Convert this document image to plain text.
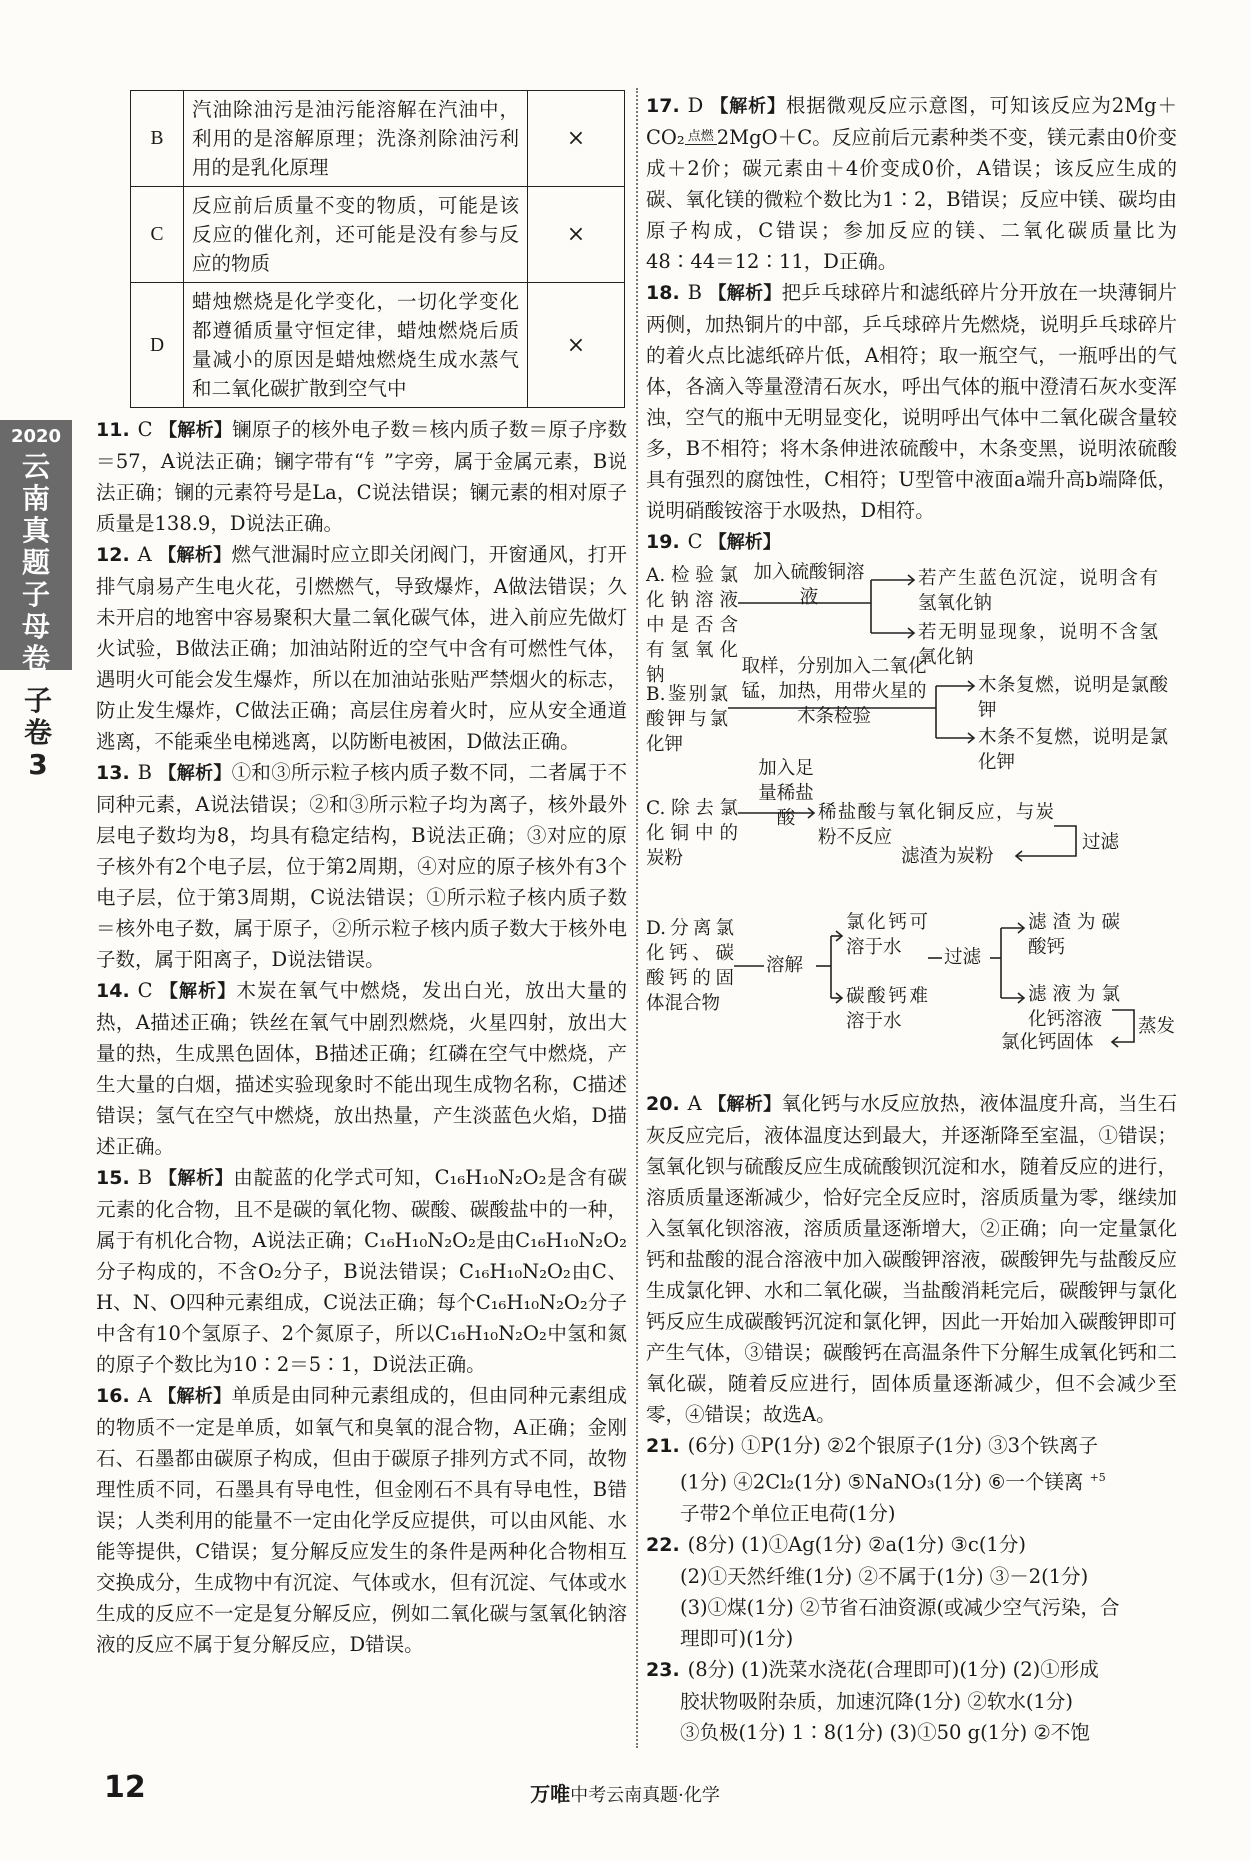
2020
云南真题子母卷
子卷3
B	汽油除油污是油污能溶解在汽油中，利用的是溶解原理；洗涤剂除油污利用的是乳化原理	×
C	反应前后质量不变的物质，可能是该反应的催化剂，还可能是没有参与反应的物质	×
D	蜡烛燃烧是化学变化，一切化学变化都遵循质量守恒定律，蜡烛燃烧后质量减小的原因是蜡烛燃烧生成水蒸气和二氧化碳扩散到空气中	×

11. C 【解析】镧原子的核外电子数＝核内质子数＝原子序数＝57，A说法正确；镧字带有“钅”字旁，属于金属元素，B说法正确；镧的元素符号是La，C说法错误；镧元素的相对原子质量是138.9，D说法正确。

12. A 【解析】燃气泄漏时应立即关闭阀门，开窗通风，打开排气扇易产生电火花，引燃燃气，导致爆炸，A做法错误；久未开启的地窖中容易聚积大量二氧化碳气体，进入前应先做灯火试验，B做法正确；加油站附近的空气中含有可燃性气体，遇明火可能会发生爆炸，所以在加油站张贴严禁烟火的标志，防止发生爆炸，C做法正确；高层住房着火时，应从安全通道逃离，不能乘坐电梯逃离，以防断电被困，D做法正确。

13. B 【解析】①和③所示粒子核内质子数不同，二者属于不同种元素，A说法错误；②和③所示粒子均为离子，核外最外层电子数均为8，均具有稳定结构，B说法正确；③对应的原子核外有2个电子层，位于第2周期，④对应的原子核外有3个电子层，位于第3周期，C说法错误；①所示粒子核内质子数＝核外电子数，属于原子，②所示粒子核内质子数大于核外电子数，属于阳离子，D说法错误。

14. C 【解析】木炭在氧气中燃烧，发出白光，放出大量的热，A描述正确；铁丝在氧气中剧烈燃烧，火星四射，放出大量的热，生成黑色固体，B描述正确；红磷在空气中燃烧，产生大量的白烟，描述实验现象时不能出现生成物名称，C描述错误；氢气在空气中燃烧，放出热量，产生淡蓝色火焰，D描述正确。

15. B 【解析】由靛蓝的化学式可知，C₁₆H₁₀N₂O₂是含有碳元素的化合物，且不是碳的氧化物、碳酸、碳酸盐中的一种，属于有机化合物，A说法正确；C₁₆H₁₀N₂O₂是由C₁₆H₁₀N₂O₂分子构成的，不含O₂分子，B说法错误；C₁₆H₁₀N₂O₂由C、H、N、O四种元素组成，C说法正确；每个C₁₆H₁₀N₂O₂分子中含有10个氢原子、2个氮原子，所以C₁₆H₁₀N₂O₂中氢和氮的原子个数比为10∶2＝5∶1，D说法正确。

16. A 【解析】单质是由同种元素组成的，但由同种元素组成的物质不一定是单质，如氧气和臭氧的混合物，A正确；金刚石、石墨都由碳原子构成，但由于碳原子排列方式不同，故物理性质不同，石墨具有导电性，但金刚石不具有导电性，B错误；人类利用的能量不一定由化学反应提供，可以由风能、水能等提供，C错误；复分解反应发生的条件是两种化合物相互交换成分，生成物中有沉淀、气体或水，但有沉淀、气体或水生成的反应不一定是复分解反应，例如二氧化碳与氢氧化钠溶液的反应不属于复分解反应，D错误。

17. D 【解析】根据微观反应示意图，可知该反应为2Mg＋CO₂ 点燃 2MgO＋C。反应前后元素种类不变，镁元素由0价变成＋2价；碳元素由＋4价变成0价，A错误；该反应生成的碳、氧化镁的微粒个数比为1∶2，B错误；反应中镁、碳均由原子构成，C错误；参加反应的镁、二氧化碳质量比为48∶44＝12∶11，D正确。

18. B 【解析】把乒乓球碎片和滤纸碎片分开放在一块薄铜片两侧，加热铜片的中部，乒乓球碎片先燃烧，说明乒乓球碎片的着火点比滤纸碎片低，A相符；取一瓶空气，一瓶呼出的气体，各滴入等量澄清石灰水，呼出气体的瓶中澄清石灰水变浑浊，空气的瓶中无明显变化，说明呼出气体中二氧化碳含量较多，B不相符；将木条伸进浓硫酸中，木条变黑，说明浓硫酸具有强烈的腐蚀性，C相符；U型管中液面a端升高b端降低，说明硝酸铵溶于水吸热，D相符。

19. C 【解析】

A.检验氯化钠溶液中是否含有氢氧化钠
加入硫酸铜溶液
若产生蓝色沉淀，说明含有氢氧化钠
若无明显现象，说明不含氢氧化钠
B.鉴别氯酸钾与氯化钾
取样，分别加入二氧化锰，加热，用带火星的木条检验
木条复燃，说明是氯酸钾
木条不复燃，说明是氯化钾
C.除去氯化铜中的炭粉
加入足量稀盐酸	稀盐酸与氧化铜反应，与炭粉不反应	过滤
滤渣为炭粉
D.分离氯化钙、碳酸钙的固体混合物
溶解
氯化钙可溶于水
碳酸钙难溶于水
过滤
滤渣为碳酸钙
滤液为氯化钙溶液	蒸发
氯化钙固体

20. A 【解析】氧化钙与水反应放热，液体温度升高，当生石灰反应完后，液体温度达到最大，并逐渐降至室温，①错误；氢氧化钡与硫酸反应生成硫酸钡沉淀和水，随着反应的进行，溶质质量逐渐减少，恰好完全反应时，溶质质量为零，继续加入氢氧化钡溶液，溶质质量逐渐增大，②正确；向一定量氯化钙和盐酸的混合溶液中加入碳酸钾溶液，碳酸钾先与盐酸反应生成氯化钾、水和二氧化碳，当盐酸消耗完后，碳酸钾与氯化钙反应生成碳酸钙沉淀和氯化钾，因此一开始加入碳酸钾即可产生气体，③错误；碳酸钙在高温条件下分解生成氧化钙和二氧化碳，随着反应进行，固体质量逐渐减少，但不会减少至零，④错误；故选A。

21. (6分) ①P(1分) ②2个银原子(1分) ③3个铁离子

(1分) ④2Cl₂(1分) ⑤NaNO₃(1分) ⑥一个镁离 $^{+5}$

子带2个单位正电荷(1分)

22. (8分) (1)①Ag(1分) ②a(1分) ③c(1分)

(2)①天然纤维(1分) ②不属于(1分) ③－2(1分)

(3)①煤(1分) ②节省石油资源(或减少空气污染，合

理即可)(1分)

23. (8分) (1)洗菜水浇花(合理即可)(1分) (2)①形成

胶状物吸附杂质，加速沉降(1分) ②软水(1分)

③负极(1分) 1∶8(1分) (3)①50 g(1分) ②不饱

12	万唯中考云南真题·化学
